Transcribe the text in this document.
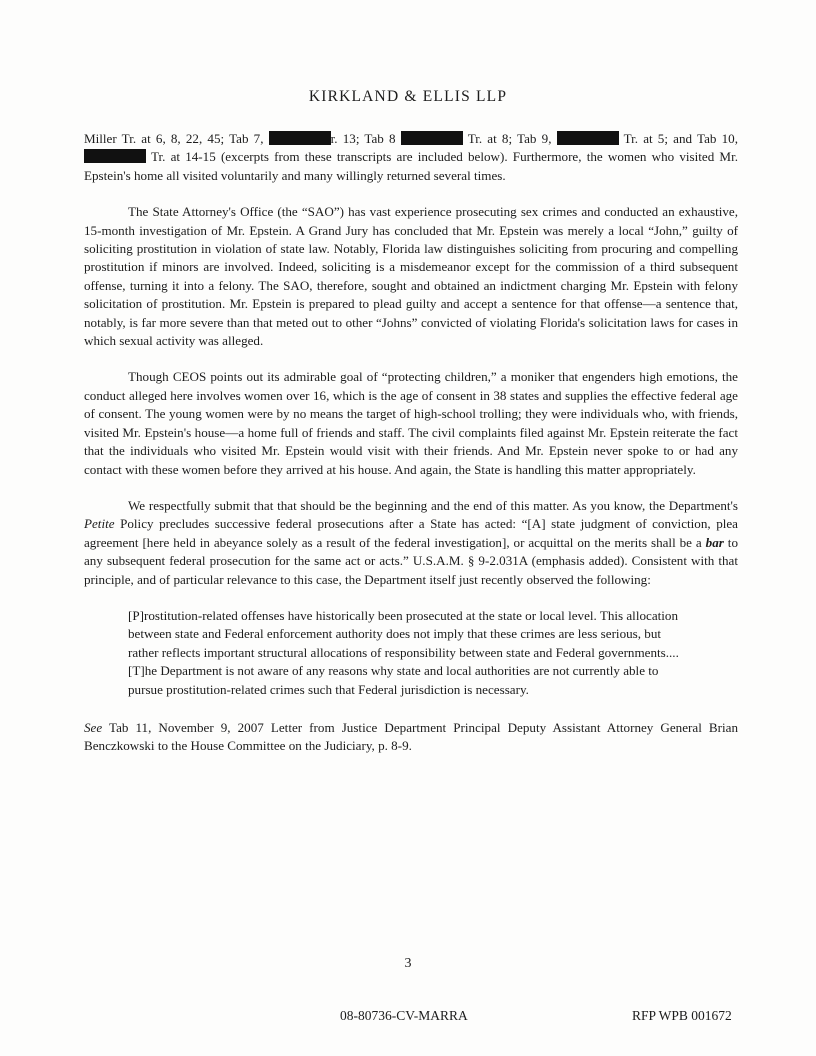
KIRKLAND & ELLIS LLP

Miller Tr. at 6, 8, 22, 45; Tab 7,	r. 13; Tab 8	Tr. at 8; Tab 9,	Tr. at 5; and Tab 10,  Tr. at 14-15 (excerpts from these transcripts are included below). Furthermore, the women who visited Mr. Epstein's home all visited voluntarily and many willingly returned several times.

The State Attorney's Office (the “SAO”) has vast experience prosecuting sex crimes and conducted an exhaustive, 15-month investigation of Mr. Epstein. A Grand Jury has concluded that Mr. Epstein was merely a local “John,” guilty of soliciting prostitution in violation of state law. Notably, Florida law distinguishes soliciting from procuring and compelling prostitution if minors are involved. Indeed, soliciting is a misdemeanor except for the commission of a third subsequent offense, turning it into a felony. The SAO, therefore, sought and obtained an indictment charging Mr. Epstein with felony solicitation of prostitution. Mr. Epstein is prepared to plead guilty and accept a sentence for that offense—a sentence that, notably, is far more severe than that meted out to other “Johns” convicted of violating Florida's solicitation laws for cases in which sexual activity was alleged.

Though CEOS points out its admirable goal of “protecting children,” a moniker that engenders high emotions, the conduct alleged here involves women over 16, which is the age of consent in 38 states and supplies the effective federal age of consent. The young women were by no means the target of high-school trolling; they were individuals who, with friends, visited Mr. Epstein's house—a home full of friends and staff. The civil complaints filed against Mr. Epstein reiterate the fact that the individuals who visited Mr. Epstein would visit with their friends. And Mr. Epstein never spoke to or had any contact with these women before they arrived at his house. And again, the State is handling this matter appropriately.

We respectfully submit that that should be the beginning and the end of this matter. As you know, the Department's Petite Policy precludes successive federal prosecutions after a State has acted: “[A] state judgment of conviction, plea agreement [here held in abeyance solely as a result of the federal investigation], or acquittal on the merits shall be a bar to any subsequent federal prosecution for the same act or acts.” U.S.A.M. § 9-2.031A (emphasis added). Consistent with that principle, and of particular relevance to this case, the Department itself just recently observed the following:

[P]rostitution-related offenses have historically been prosecuted at the state or local level. This allocation between state and Federal enforcement authority does not imply that these crimes are less serious, but rather reflects important structural allocations of responsibility between state and Federal governments.... [T]he Department is not aware of any reasons why state and local authorities are not currently able to pursue prostitution-related crimes such that Federal jurisdiction is necessary.

See Tab 11, November 9, 2007 Letter from Justice Department Principal Deputy Assistant Attorney General Brian Benczkowski to the House Committee on the Judiciary, p. 8-9.

3
08-80736-CV-MARRA	RFP WPB 001672
